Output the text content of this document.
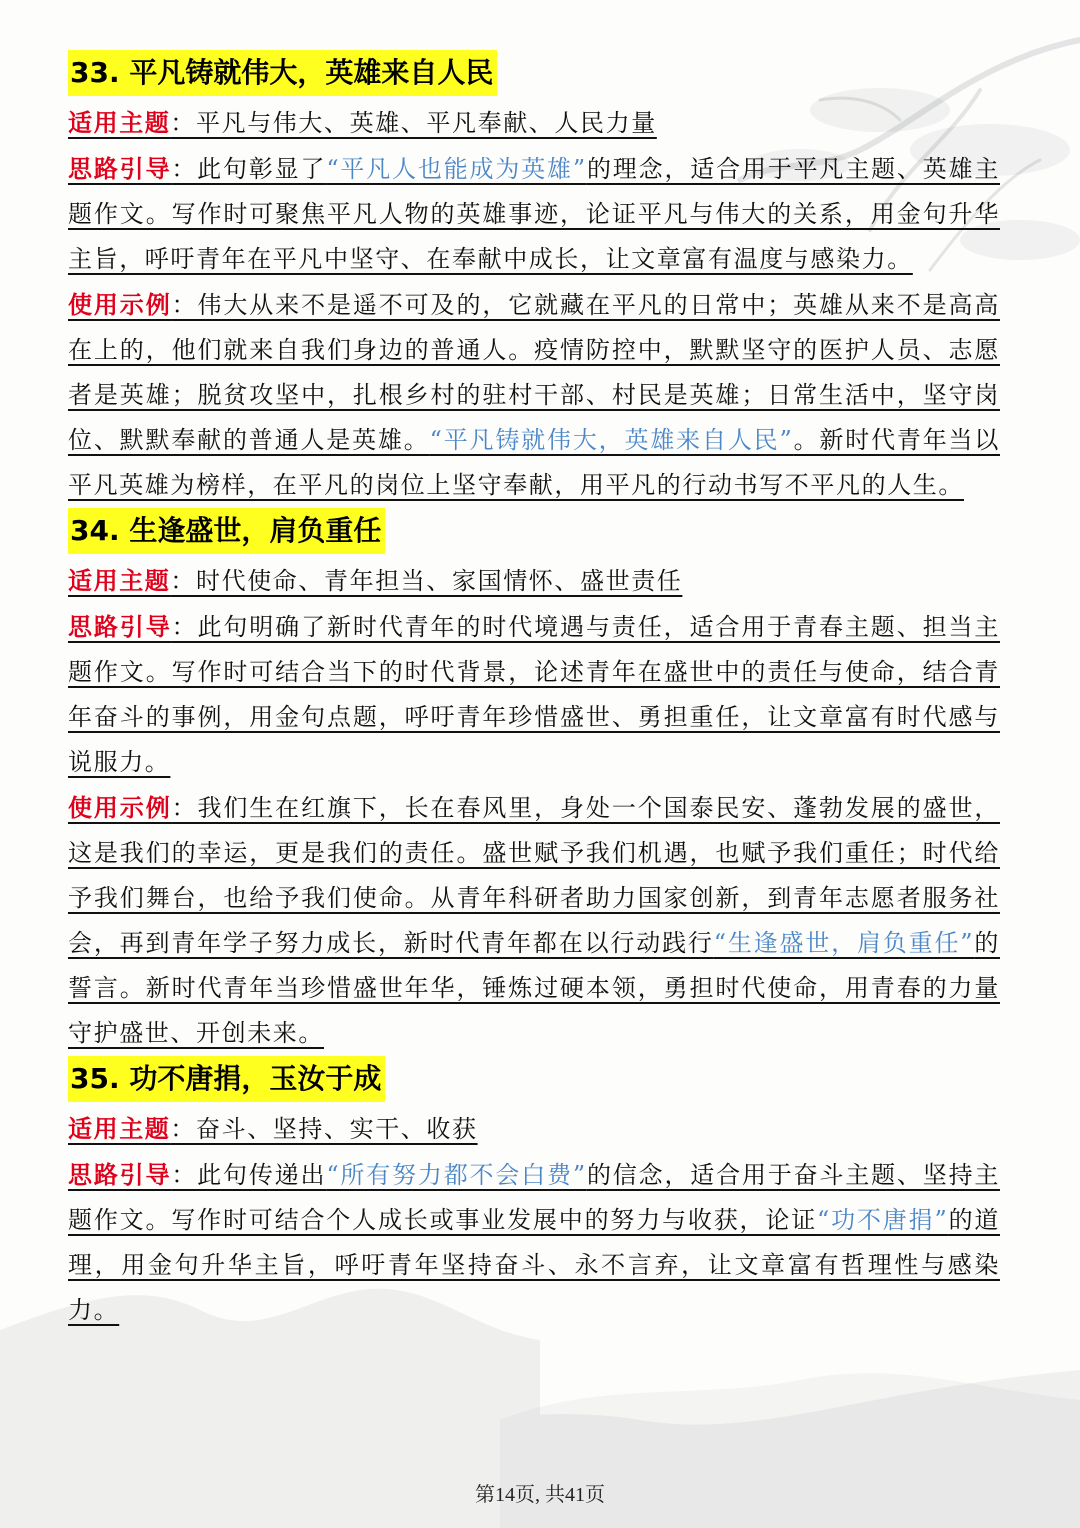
33. 平凡铸就伟大，英雄来自人民

适用主题：平凡与伟大、英雄、平凡奉献、人民力量

思路引导：此句彰显了“平凡人也能成为英雄”的理念，适合用于平凡主题、英雄主题作文。写作时可聚焦平凡人物的英雄事迹，论证平凡与伟大的关系，用金句升华主旨，呼吁青年在平凡中坚守、在奉献中成长，让文章富有温度与感染力。

使用示例：伟大从来不是遥不可及的，它就藏在平凡的日常中；英雄从来不是高高在上的，他们就来自我们身边的普通人。疫情防控中，默默坚守的医护人员、志愿者是英雄；脱贫攻坚中，扎根乡村的驻村干部、村民是英雄；日常生活中，坚守岗位、默默奉献的普通人是英雄。“平凡铸就伟大，英雄来自人民”。新时代青年当以平凡英雄为榜样，在平凡的岗位上坚守奉献，用平凡的行动书写不平凡的人生。

34. 生逢盛世，肩负重任

适用主题：时代使命、青年担当、家国情怀、盛世责任

思路引导：此句明确了新时代青年的时代境遇与责任，适合用于青春主题、担当主题作文。写作时可结合当下的时代背景，论述青年在盛世中的责任与使命，结合青年奋斗的事例，用金句点题，呼吁青年珍惜盛世、勇担重任，让文章富有时代感与说服力。

使用示例：我们生在红旗下，长在春风里，身处一个国泰民安、蓬勃发展的盛世，这是我们的幸运，更是我们的责任。盛世赋予我们机遇，也赋予我们重任；时代给予我们舞台，也给予我们使命。从青年科研者助力国家创新，到青年志愿者服务社会，再到青年学子努力成长，新时代青年都在以行动践行“生逢盛世，肩负重任”的誓言。新时代青年当珍惜盛世年华，锤炼过硬本领，勇担时代使命，用青春的力量守护盛世、开创未来。

35. 功不唐捐，玉汝于成

适用主题：奋斗、坚持、实干、收获

思路引导：此句传递出“所有努力都不会白费”的信念，适合用于奋斗主题、坚持主题作文。写作时可结合个人成长或事业发展中的努力与收获，论证“功不唐捐”的道理，用金句升华主旨，呼吁青年坚持奋斗、永不言弃，让文章富有哲理性与感染力。

第14页, 共41页
